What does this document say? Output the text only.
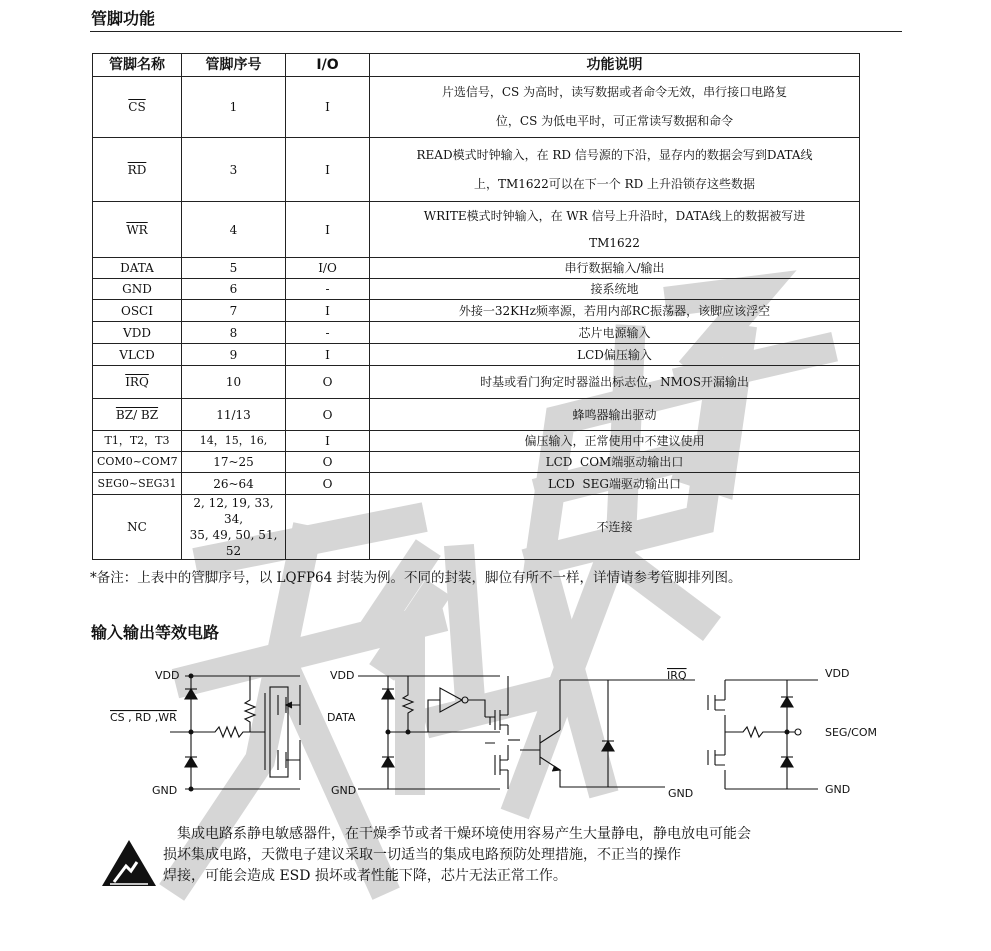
管脚功能
管脚名称	管脚序号	I/O	功能说明
$\overline{CS}$	1	I	片选信号，CS 为高时，读写数据或者命令无效，串行接口电路复
位，CS 为低电平时，可正常读写数据和命令

$\overline{RD}$	3	I	READ模式时钟输入，在 RD 信号源的下沿，显存内的数据会写到DATA线
上，TM1622可以在下一个 RD 上升沿锁存这些数据

$\overline{WR}$	4	I	WRITE模式时钟输入，在 WR 信号上升沿时，DATA线上的数据被写进
TM1622

DATA	5	I/O	串行数据输入/输出
GND	6	-	接系统地
OSCI	7	I	外接一32KHz频率源，若用内部RC振荡器，该脚应该浮空
VDD	8	-	芯片电源输入
VLCD	9	I	LCD偏压输入
$\overline{IRQ}$	10	O	时基或看门狗定时器溢出标志位，NMOS开漏输出
BZ/ BZ	11/13	O	蜂鸣器输出驱动
T1，T2，T3	14，15，16,	I	偏压输入，正常使用中不建议使用
COM0~COM7	17~25	O	LCD  COM端驱动输出口
SEG0~SEG31	26~64	O	LCD  SEG端驱动输出口
NC	2, 12, 19, 33, 34,
35, 49, 50, 51, 52		不连接
*备注：上表中的管脚序号，以 LQFP64 封装为例。不同的封装，脚位有所不一样，详情请参考管脚排列图。
输入输出等效电路
VDD
CS , RD ,WR
GND
VDD
DATA
GND
IRQ
GND
VDD
SEG/COM
GND

集成电路系静电敏感器件，在干燥季节或者干燥环境使用容易产生大量静电，静电放电可能会

损坏集成电路，天微电子建议采取一切适当的集成电路预防处理措施，不正当的操作

焊接，可能会造成 ESD 损坏或者性能下降，芯片无法正常工作。
